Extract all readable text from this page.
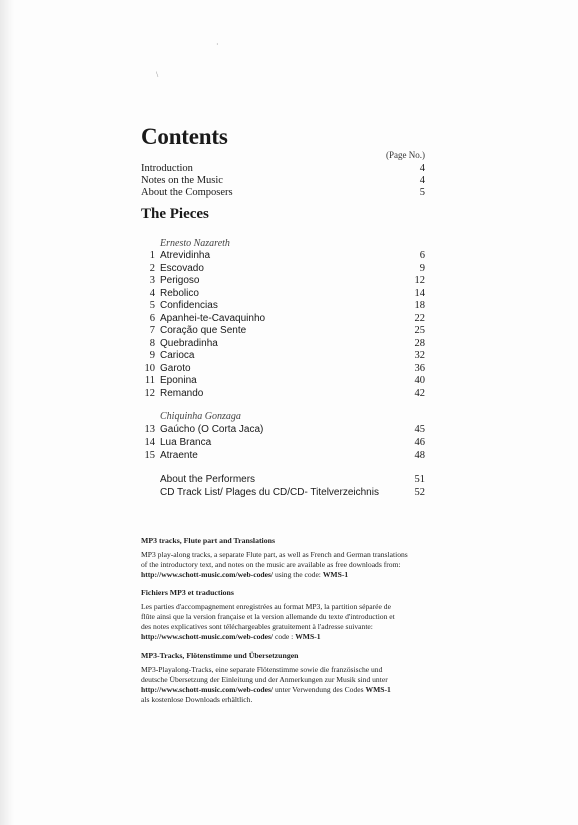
·
\
Contents
(Page No.)
Introduction	4
Notes on the Music	4
About the Composers	5
The Pieces
Ernesto Nazareth
1 Atrevidinha	6
2 Escovado	9
3 Perigoso	12
4 Rebolico	14
5 Confidencias	18
6 Apanhei-te-Cavaquinho	22
7 Coração que Sente	25
8 Quebradinha	28
9 Carioca	32
10 Garoto	36
11 Eponina	40
12 Remando	42
Chiquinha Gonzaga
13 Gaúcho (O Corta Jaca)	45
14 Lua Branca	46
15 Atraente	48
About the Performers	51
CD Track List/ Plages du CD/CD- Titelverzeichnis	52
MP3 tracks, Flute part and Translations
MP3 play-along tracks, a separate Flute part, as well as French and German translations
of the introductory text, and notes on the music are available as free downloads from:
http://www.schott-music.com/web-codes/ using the code: WMS-1
Fichiers MP3 et traductions
Les parties d'accompagnement enregistrées au format MP3, la partition séparée de
flûte ainsi que la version française et la version allemande du texte d'introduction et
des notes explicatives sont téléchargeables gratuitement à l'adresse suivante:
http://www.schott-music.com/web-codes/ code : WMS-1
MP3-Tracks, Flötenstimme und Übersetzungen
MP3-Playalong-Tracks, eine separate Flötenstimme sowie die französische und
deutsche Übersetzung der Einleitung und der Anmerkungen zur Musik sind unter
http://www.schott-music.com/web-codes/ unter Verwendung des Codes WMS-1
als kostenlose Downloads erhältlich.
